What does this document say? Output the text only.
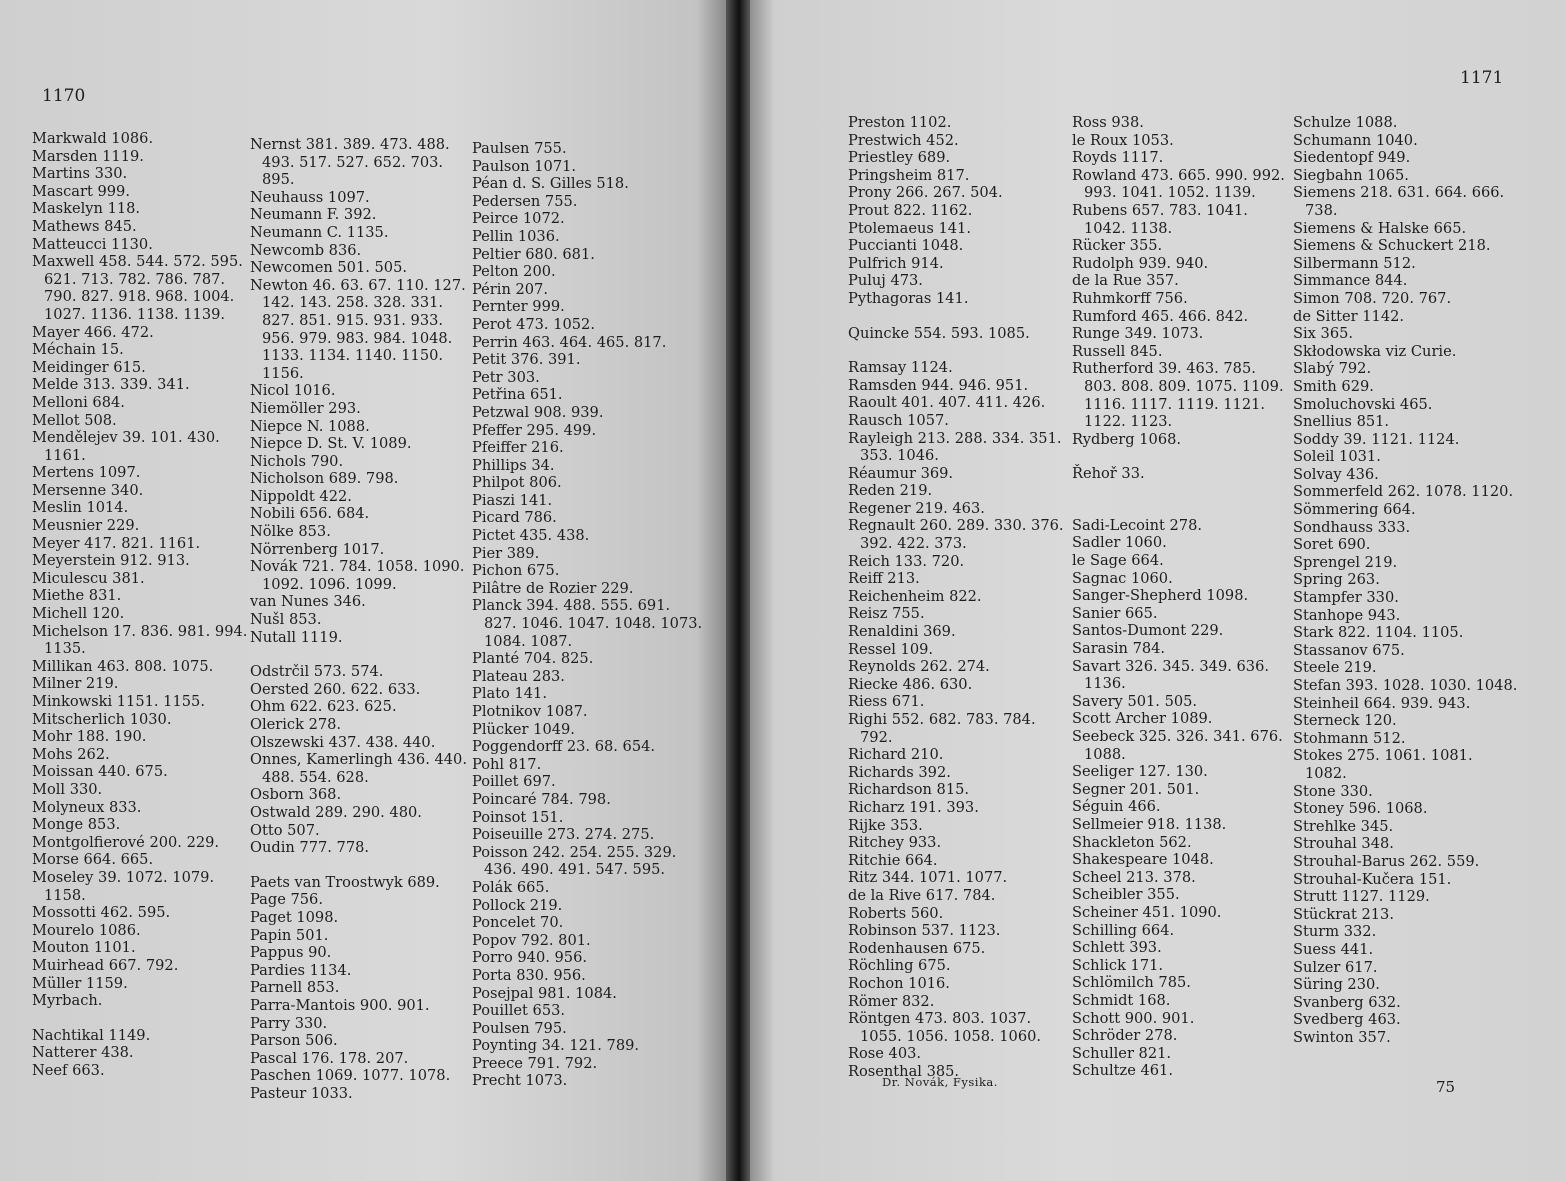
1170
Markwald 1086.
Marsden 1119.
Martins 330.
Mascart 999.
Maskelyn 118.
Mathews 845.
Matteucci 1130.
Maxwell 458. 544. 572. 595. 621. 713. 782. 786. 787. 790. 827. 918. 968. 1004. 1027. 1136. 1138. 1139.
Mayer 466. 472.
Méchain 15.
Meidinger 615.
Melde 313. 339. 341.
Melloni 684.
Mellot 508.
Mendělejev 39. 101. 430. 1161.
Mertens 1097.
Mersenne 340.
Meslin 1014.
Meusnier 229.
Meyer 417. 821. 1161.
Meyerstein 912. 913.
Miculescu 381.
Miethe 831.
Michell 120.
Michelson 17. 836. 981. 994. 1135.
Millikan 463. 808. 1075.
Milner 219.
Minkowski 1151. 1155.
Mitscherlich 1030.
Mohr 188. 190.
Mohs 262.
Moissan 440. 675.
Moll 330.
Molyneux 833.
Monge 853.
Montgolfierové 200. 229.
Morse 664. 665.
Moseley 39. 1072. 1079. 1158.
Mossotti 462. 595.
Mourelo 1086.
Mouton 1101.
Muirhead 667. 792.
Müller 1159.
Myrbach.
Nachtikal 1149.
Natterer 438.
Neef 663.
Nernst 381. 389. 473. 488. 493. 517. 527. 652. 703. 895.
Neuhauss 1097.
Neumann F. 392.
Neumann C. 1135.
Newcomb 836.
Newcomen 501. 505.
Newton 46. 63. 67. 110. 127. 142. 143. 258. 328. 331. 827. 851. 915. 931. 933. 956. 979. 983. 984. 1048. 1133. 1134. 1140. 1150. 1156.
Nicol 1016.
Niemöller 293.
Niepce N. 1088.
Niepce D. St. V. 1089.
Nichols 790.
Nicholson 689. 798.
Nippoldt 422.
Nobili 656. 684.
Nölke 853.
Nörrenberg 1017.
Novák 721. 784. 1058. 1090. 1092. 1096. 1099.
van Nunes 346.
Nušl 853.
Nutall 1119.
Odstrčil 573. 574.
Oersted 260. 622. 633.
Ohm 622. 623. 625.
Olerick 278.
Olszewski 437. 438. 440.
Onnes, Kamerlingh 436. 440. 488. 554. 628.
Osborn 368.
Ostwald 289. 290. 480.
Otto 507.
Oudin 777. 778.
Paets van Troostwyk 689.
Page 756.
Paget 1098.
Papin 501.
Pappus 90.
Pardies 1134.
Parnell 853.
Parra-Mantois 900. 901.
Parry 330.
Parson 506.
Pascal 176. 178. 207.
Paschen 1069. 1077. 1078.
Pasteur 1033.
Paulsen 755.
Paulson 1071.
Péan d. S. Gilles 518.
Pedersen 755.
Peirce 1072.
Pellin 1036.
Peltier 680. 681.
Pelton 200.
Périn 207.
Pernter 999.
Perot 473. 1052.
Perrin 463. 464. 465. 817.
Petit 376. 391.
Petr 303.
Petřina 651.
Petzwal 908. 939.
Pfeffer 295. 499.
Pfeiffer 216.
Phillips 34.
Philpot 806.
Piaszi 141.
Picard 786.
Pictet 435. 438.
Pier 389.
Pichon 675.
Pilâtre de Rozier 229.
Planck 394. 488. 555. 691. 827. 1046. 1047. 1048. 1073. 1084. 1087.
Planté 704. 825.
Plateau 283.
Plato 141.
Plotnikov 1087.
Plücker 1049.
Poggendorff 23. 68. 654.
Pohl 817.
Poillet 697.
Poincaré 784. 798.
Poinsot 151.
Poiseuille 273. 274. 275.
Poisson 242. 254. 255. 329. 436. 490. 491. 547. 595.
Polák 665.
Pollock 219.
Poncelet 70.
Popov 792. 801.
Porro 940. 956.
Porta 830. 956.
Posejpal 981. 1084.
Pouillet 653.
Poulsen 795.
Poynting 34. 121. 789.
Preece 791. 792.
Precht 1073.
1171
Preston 1102.
Prestwich 452.
Priestley 689.
Pringsheim 817.
Prony 266. 267. 504.
Prout 822. 1162.
Ptolemaeus 141.
Puccianti 1048.
Pulfrich 914.
Puluj 473.
Pythagoras 141.
Quincke 554. 593. 1085.
Ramsay 1124.
Ramsden 944. 946. 951.
Raoult 401. 407. 411. 426.
Rausch 1057.
Rayleigh 213. 288. 334. 351. 353. 1046.
Réaumur 369.
Reden 219.
Regener 219. 463.
Regnault 260. 289. 330. 376. 392. 422. 373.
Reich 133. 720.
Reiff 213.
Reichenheim 822.
Reisz 755.
Renaldini 369.
Ressel 109.
Reynolds 262. 274.
Riecke 486. 630.
Riess 671.
Righi 552. 682. 783. 784. 792.
Richard 210.
Richards 392.
Richardson 815.
Richarz 191. 393.
Rijke 353.
Ritchey 933.
Ritchie 664.
Ritz 344. 1071. 1077.
de la Rive 617. 784.
Roberts 560.
Robinson 537. 1123.
Rodenhausen 675.
Röchling 675.
Rochon 1016.
Römer 832.
Röntgen 473. 803. 1037. 1055. 1056. 1058. 1060.
Rose 403.
Rosenthal 385.
Ross 938.
le Roux 1053.
Royds 1117.
Rowland 473. 665. 990. 992. 993. 1041. 1052. 1139.
Rubens 657. 783. 1041. 1042. 1138.
Rücker 355.
Rudolph 939. 940.
de la Rue 357.
Ruhmkorff 756.
Rumford 465. 466. 842.
Runge 349. 1073.
Russell 845.
Rutherford 39. 463. 785. 803. 808. 809. 1075. 1109. 1116. 1117. 1119. 1121. 1122. 1123.
Rydberg 1068.
Řehoř 33.
Sadi-Lecoint 278.
Sadler 1060.
le Sage 664.
Sagnac 1060.
Sanger-Shepherd 1098.
Sanier 665.
Santos-Dumont 229.
Sarasin 784.
Savart 326. 345. 349. 636. 1136.
Savery 501. 505.
Scott Archer 1089.
Seebeck 325. 326. 341. 676. 1088.
Seeliger 127. 130.
Segner 201. 501.
Séguin 466.
Sellmeier 918. 1138.
Shackleton 562.
Shakespeare 1048.
Scheel 213. 378.
Scheibler 355.
Scheiner 451. 1090.
Schilling 664.
Schlett 393.
Schlick 171.
Schlömilch 785.
Schmidt 168.
Schott 900. 901.
Schröder 278.
Schuller 821.
Schultze 461.
Schulze 1088.
Schumann 1040.
Siedentopf 949.
Siegbahn 1065.
Siemens 218. 631. 664. 666. 738.
Siemens & Halske 665.
Siemens & Schuckert 218.
Silbermann 512.
Simmance 844.
Simon 708. 720. 767.
de Sitter 1142.
Six 365.
Skłodowska viz Curie.
Slabý 792.
Smith 629.
Smoluchovski 465.
Snellius 851.
Soddy 39. 1121. 1124.
Soleil 1031.
Solvay 436.
Sommerfeld 262. 1078. 1120.
Sömmering 664.
Sondhauss 333.
Soret 690.
Sprengel 219.
Spring 263.
Stampfer 330.
Stanhope 943.
Stark 822. 1104. 1105.
Stassanov 675.
Steele 219.
Stefan 393. 1028. 1030. 1048.
Steinheil 664. 939. 943.
Sterneck 120.
Stohmann 512.
Stokes 275. 1061. 1081. 1082.
Stone 330.
Stoney 596. 1068.
Strehlke 345.
Strouhal 348.
Strouhal-Barus 262. 559.
Strouhal-Kučera 151.
Strutt 1127. 1129.
Stückrat 213.
Sturm 332.
Suess 441.
Sulzer 617.
Süring 230.
Svanberg 632.
Svedberg 463.
Swinton 357.
Dr. Novák, Fysika.	75
